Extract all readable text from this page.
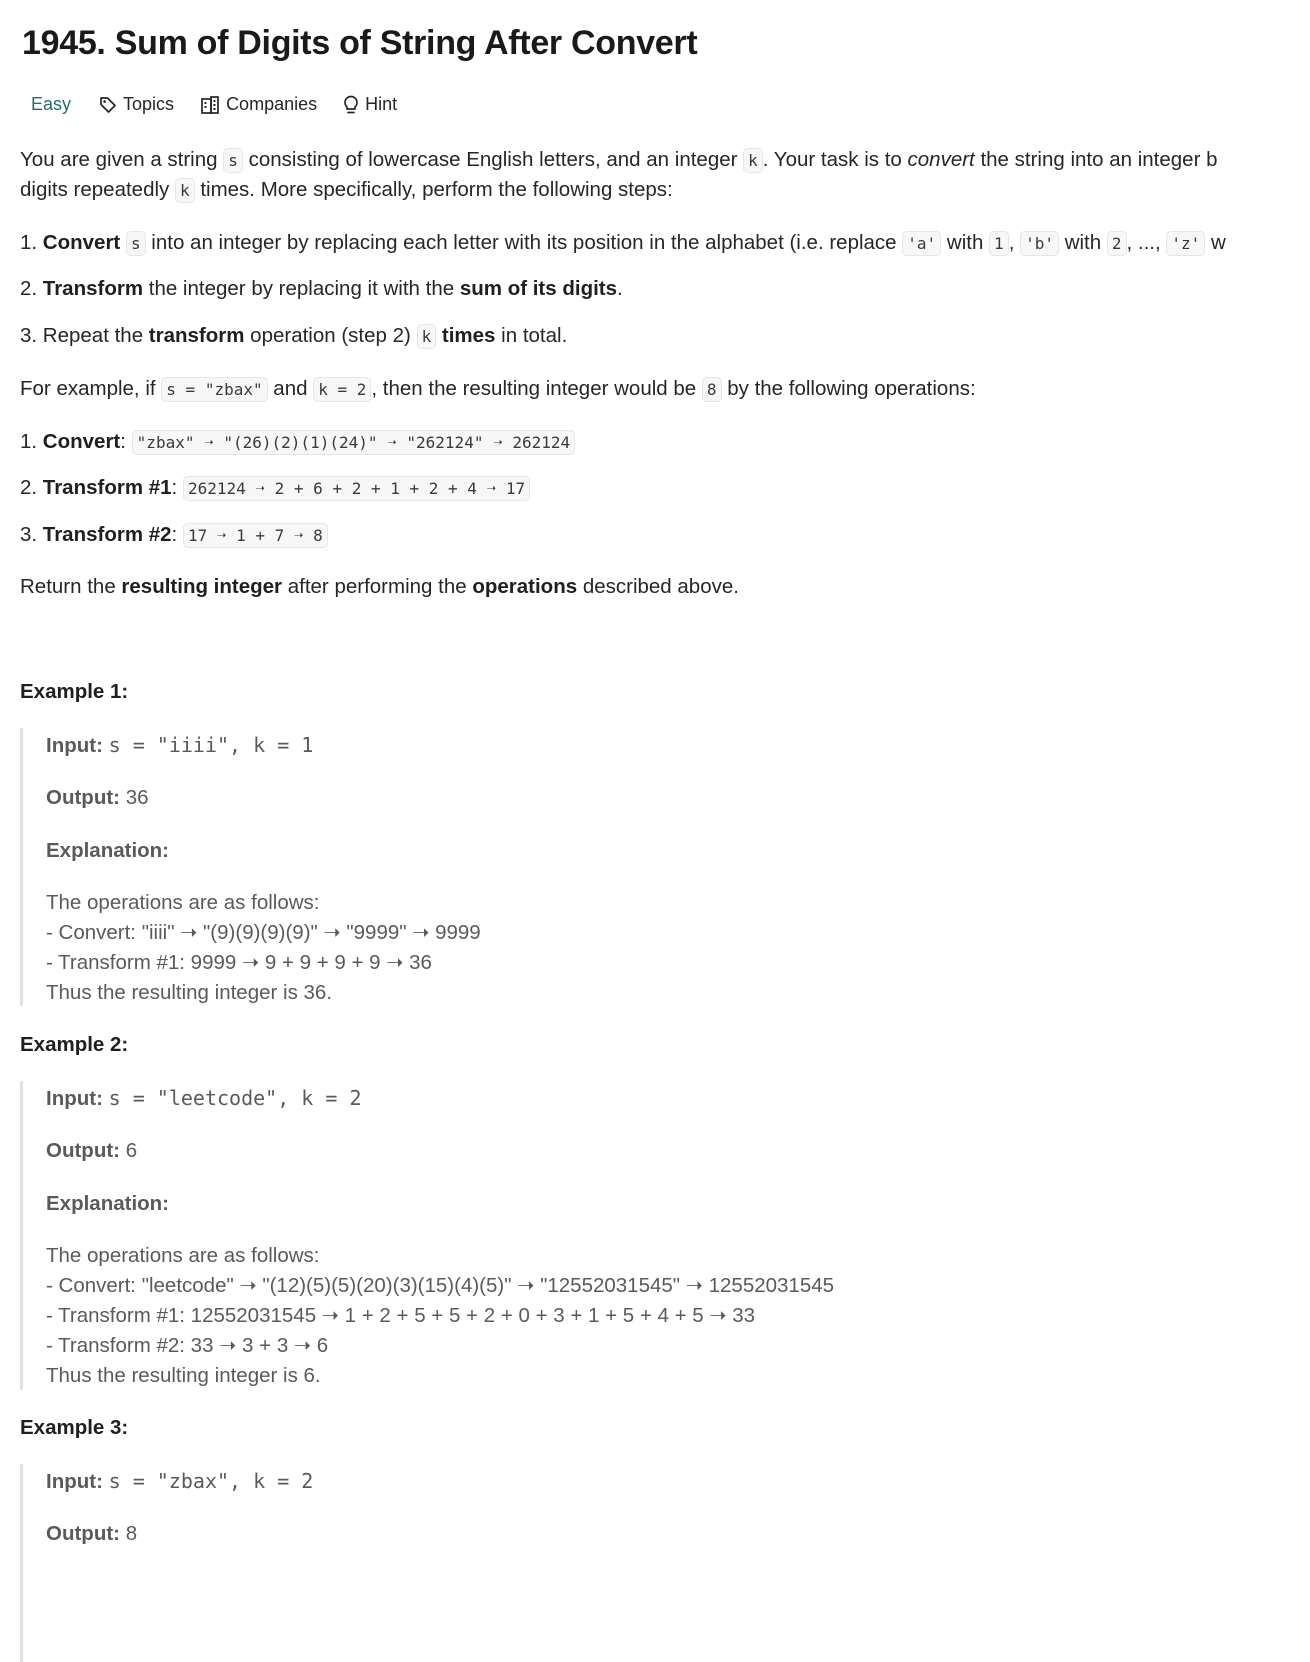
1945. Sum of Digits of String After Convert
Easy	Topics	Companies	Hint
You are given a string s consisting of lowercase English letters, and an integer k . Your task is to convert the string into an integer b
digits repeatedly k times. More specifically, perform the following steps:
1. Convert s into an integer by replacing each letter with its position in the alphabet (i.e. replace 'a' with 1 , 'b' with 2 , ..., 'z' w
2. Transform the integer by replacing it with the sum of its digits.
3. Repeat the transform operation (step 2) k times in total.
For example, if s = "zbax" and k = 2 , then the resulting integer would be 8 by the following operations:
1. Convert: "zbax" ➝ "(26)(2)(1)(24)" ➝ "262124" ➝ 262124
2. Transform #1: 262124 ➝ 2 + 6 + 2 + 1 + 2 + 4 ➝ 17
3. Transform #2: 17 ➝ 1 + 7 ➝ 8
Return the resulting integer after performing the operations described above.
Example 1:
Input: s = "iiii", k = 1
Output: 36
Explanation:
The operations are as follows:
- Convert: "iiii" ➝ "(9)(9)(9)(9)" ➝ "9999" ➝ 9999
- Transform #1: 9999 ➝ 9 + 9 + 9 + 9 ➝ 36
Thus the resulting integer is 36.
Example 2:
Input: s = "leetcode", k = 2
Output: 6
Explanation:
The operations are as follows:
- Convert: "leetcode" ➝ "(12)(5)(5)(20)(3)(15)(4)(5)" ➝ "12552031545" ➝ 12552031545
- Transform #1: 12552031545 ➝ 1 + 2 + 5 + 5 + 2 + 0 + 3 + 1 + 5 + 4 + 5 ➝ 33
- Transform #2: 33 ➝ 3 + 3 ➝ 6
Thus the resulting integer is 6.
Example 3:
Input: s = "zbax", k = 2
Output: 8
